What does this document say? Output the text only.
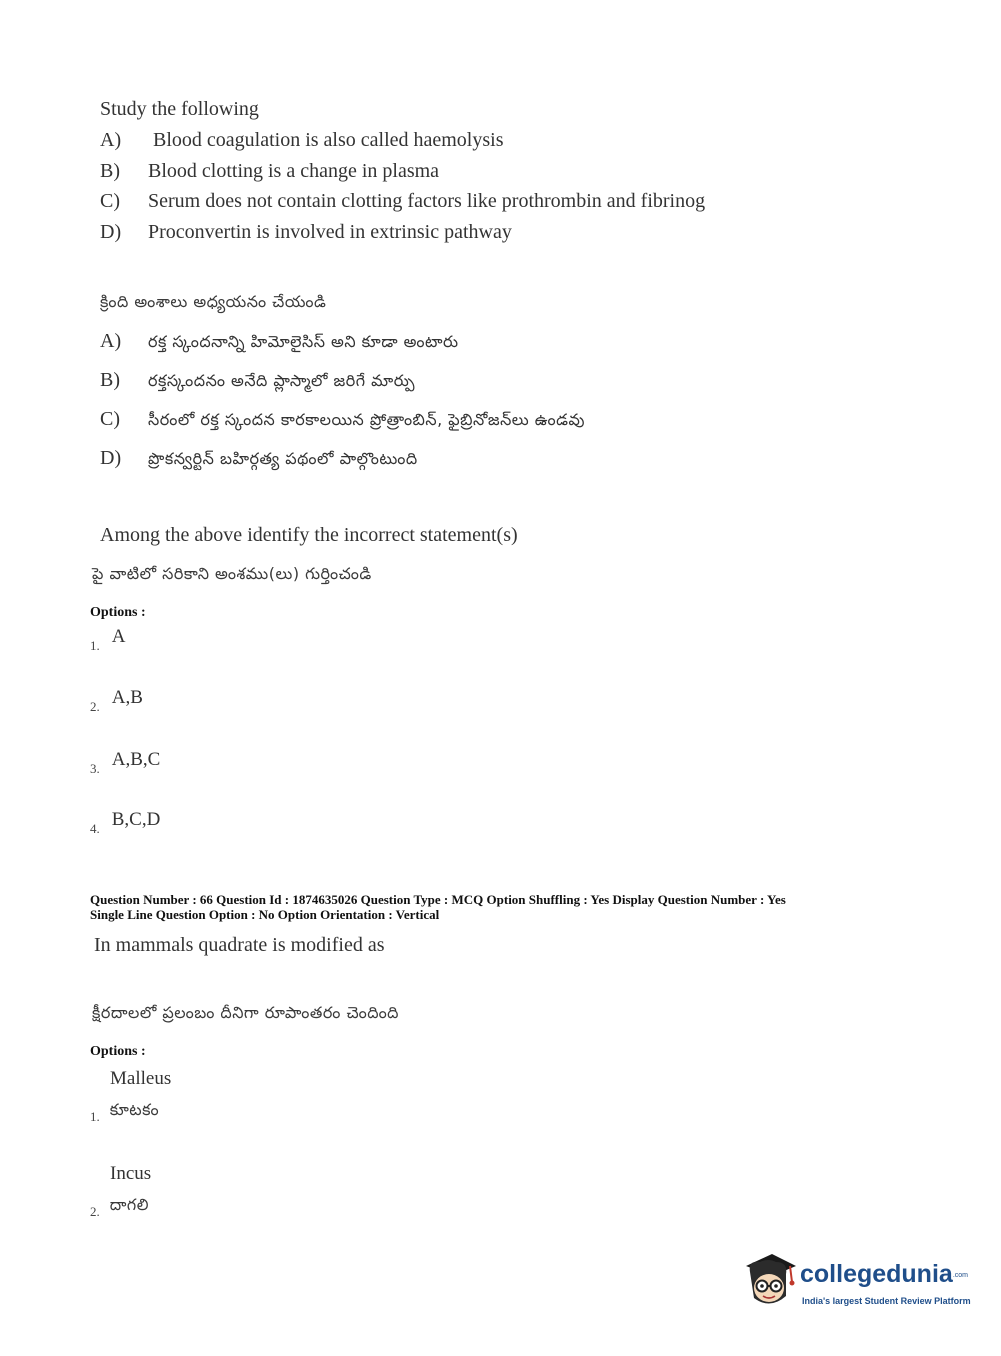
Study the following
A) Blood coagulation is also called haemolysis
B) Blood clotting is a change in plasma
C) Serum does not contain clotting factors like prothrombin and fibrinog
D) Proconvertin is involved in extrinsic pathway
క్రింది అంశాలు అధ్యయనం చేయండి
A) రక్త స్కందనాన్ని హిమోలైసిస్ అని కూడా అంటారు
B) రక్తస్కందనం అనేది ప్లాస్మాలో జరిగే మార్పు
C) సీరంలో రక్త స్కందన కారకాలయిన ప్రోత్రాంబిన్, ఫైబ్రినోజన్‌లు ఉండవు
D) ప్రొకన్వర్టిన్ బహిర్గత్య పథంలో పాల్గొంటుంది
Among the above identify the incorrect statement(s)
పై వాటిలో సరికాని అంశము(లు) గుర్తించండి
Options :
$_{1.}$ A
$_{2.}$ A,B
$_{3.}$ A,B,C
$_{4.}$ B,C,D
Question Number : 66 Question Id : 1874635026 Question Type : MCQ Option Shuffling : Yes Display Question Number : Yes
Single Line Question Option : No Option Orientation : Vertical
In mammals quadrate is modified as
క్షీరదాలలో ప్రలంబం దీనిగా రూపాంతరం చెందింది
Options :
Malleus
$_{1.}$ కూటకం
Incus
$_{2.}$ దాగలి
collegedunia.com
India's largest Student Review Platform
